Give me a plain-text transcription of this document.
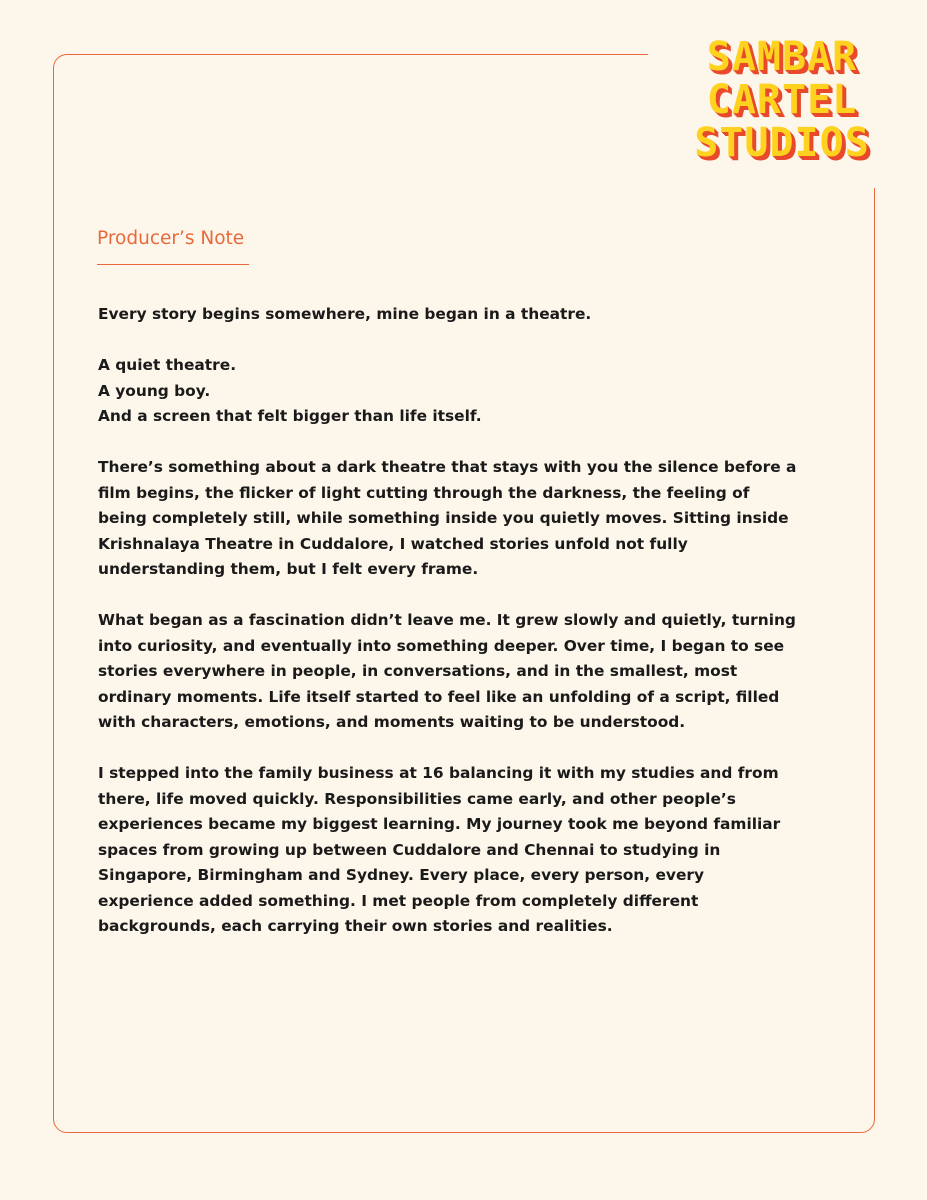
SAMBAR
CARTEL
STUDIOS
Producer’s Note

Every story begins somewhere, mine began in a theatre.

A quiet theatre.
A young boy.
And a screen that felt bigger than life itself.

There’s something about a dark theatre that stays with you the silence before a film begins, the flicker of light cutting through the darkness, the feeling of being completely still, while something inside you quietly moves. Sitting inside Krishnalaya Theatre in Cuddalore, I watched stories unfold not fully understanding them, but I felt every frame.

What began as a fascination didn’t leave me. It grew slowly and quietly, turning into curiosity, and eventually into something deeper. Over time, I began to see stories everywhere in people, in conversations, and in the smallest, most ordinary moments. Life itself started to feel like an unfolding of a script, filled with characters, emotions, and moments waiting to be understood.

I stepped into the family business at 16 balancing it with my studies and from there, life moved quickly. Responsibilities came early, and other people’s experiences became my biggest learning. My journey took me beyond familiar spaces from growing up between Cuddalore and Chennai to studying in Singapore, Birmingham and Sydney. Every place, every person, every experience added something. I met people from completely different backgrounds, each carrying their own stories and realities.
